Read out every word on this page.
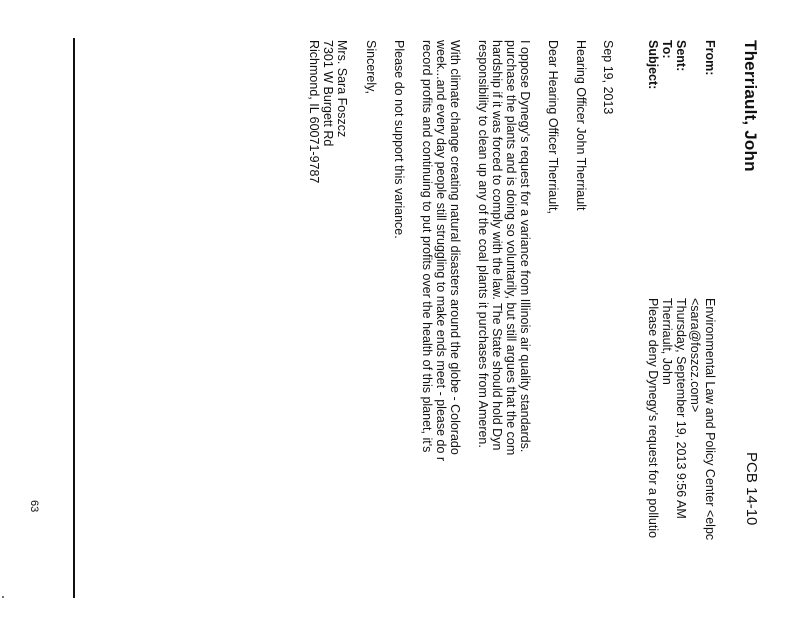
Therriault, John
PCB 14-10
From:
Environmental Law and Policy Center <elpc
<sara@foszcz.com>
Sent:
Thursday, September 19, 2013 9:56 AM
To:
Therriault, John
Subject:
Please deny Dynegy's request for a pollutio
Sep 19, 2013
Hearing Officer John Therriault
Dear Hearing Officer Therriault,
I oppose Dynegy's request for a variance from Illinois air quality standards.
purchase the plants and is doing so voluntarily, but still argues that the com
hardship if it was forced to comply with the law. The State should hold Dyn
responsibility to clean up any of the coal plants it purchases from Ameren.
With climate change creating natural disasters around the globe - Colorado
week...and every day people still struggling to make ends meet - please do r
record profits and continuing to put profits over the health of this planet, it's
Please do not support this variance.
Sincerely,
Mrs. Sara Foszcz
7301 W Burgett Rd
Richmond, IL 60071-9787
63
